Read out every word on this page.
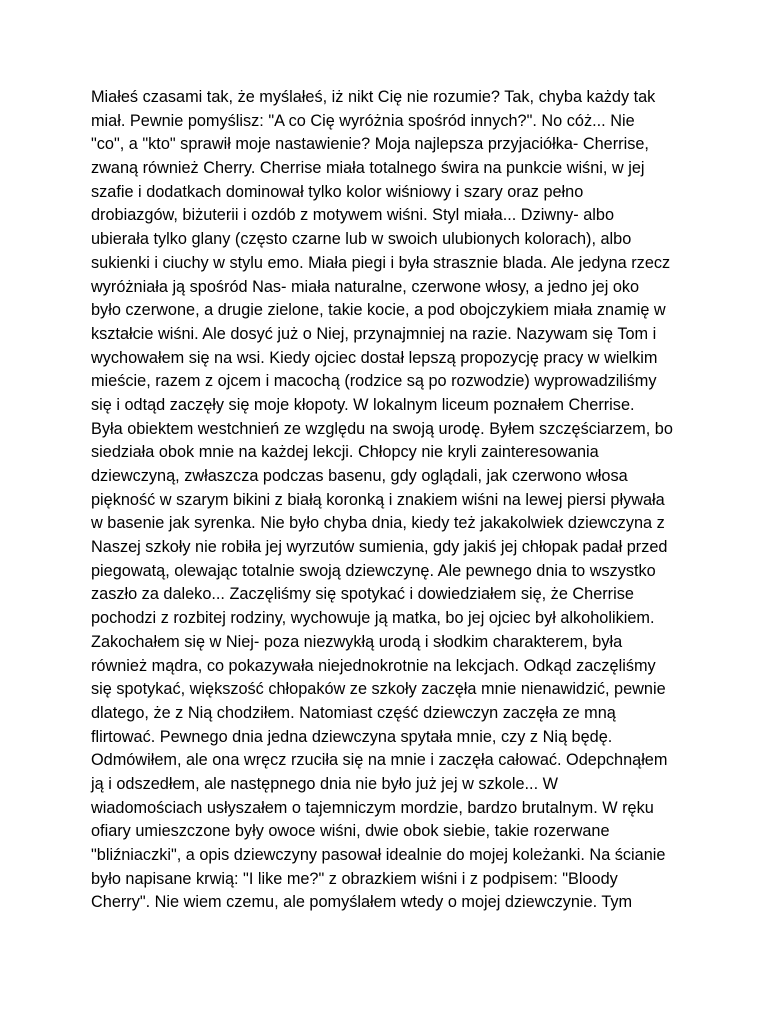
Miałeś czasami tak, że myślałeś, iż nikt Cię nie rozumie? Tak, chyba każdy tak
miał. Pewnie pomyślisz: "A co Cię wyróżnia spośród innych?". No cóż... Nie
"co", a "kto" sprawił moje nastawienie? Moja najlepsza przyjaciółka- Cherrise,
zwaną również Cherry. Cherrise miała totalnego świra na punkcie wiśni, w jej
szafie i dodatkach dominował tylko kolor wiśniowy i szary oraz pełno
drobiazgów, biżuterii i ozdób z motywem wiśni. Styl miała... Dziwny- albo
ubierała tylko glany (często czarne lub w swoich ulubionych kolorach), albo
sukienki i ciuchy w stylu emo. Miała piegi i była strasznie blada. Ale jedyna rzecz
wyróżniała ją spośród Nas- miała naturalne, czerwone włosy, a jedno jej oko
było czerwone, a drugie zielone, takie kocie, a pod obojczykiem miała znamię w
kształcie wiśni. Ale dosyć już o Niej, przynajmniej na razie. Nazywam się Tom i
wychowałem się na wsi. Kiedy ojciec dostał lepszą propozycję pracy w wielkim
mieście, razem z ojcem i macochą (rodzice są po rozwodzie) wyprowadziliśmy
się i odtąd zaczęły się moje kłopoty. W lokalnym liceum poznałem Cherrise.
Była obiektem westchnień ze względu na swoją urodę. Byłem szczęściarzem, bo
siedziała obok mnie na każdej lekcji. Chłopcy nie kryli zainteresowania
dziewczyną, zwłaszcza podczas basenu, gdy oglądali, jak czerwono włosa
piękność w szarym bikini z białą koronką i znakiem wiśni na lewej piersi pływała
w basenie jak syrenka. Nie było chyba dnia, kiedy też jakakolwiek dziewczyna z
Naszej szkoły nie robiła jej wyrzutów sumienia, gdy jakiś jej chłopak padał przed
piegowatą, olewając totalnie swoją dziewczynę. Ale pewnego dnia to wszystko
zaszło za daleko... Zaczęliśmy się spotykać i dowiedziałem się, że Cherrise
pochodzi z rozbitej rodziny, wychowuje ją matka, bo jej ojciec był alkoholikiem.
Zakochałem się w Niej- poza niezwykłą urodą i słodkim charakterem, była
również mądra, co pokazywała niejednokrotnie na lekcjach. Odkąd zaczęliśmy
się spotykać, większość chłopaków ze szkoły zaczęła mnie nienawidzić, pewnie
dlatego, że z Nią chodziłem. Natomiast część dziewczyn zaczęła ze mną
flirtować. Pewnego dnia jedna dziewczyna spytała mnie, czy z Nią będę.
Odmówiłem, ale ona wręcz rzuciła się na mnie i zaczęła całować. Odepchnąłem
ją i odszedłem, ale następnego dnia nie było już jej w szkole... W
wiadomościach usłyszałem o tajemniczym mordzie, bardzo brutalnym. W ręku
ofiary umieszczone były owoce wiśni, dwie obok siebie, takie rozerwane
"bliźniaczki", a opis dziewczyny pasował idealnie do mojej koleżanki. Na ścianie
było napisane krwią: "I like me?" z obrazkiem wiśni i z podpisem: "Bloody
Cherry". Nie wiem czemu, ale pomyślałem wtedy o mojej dziewczynie. Tym
